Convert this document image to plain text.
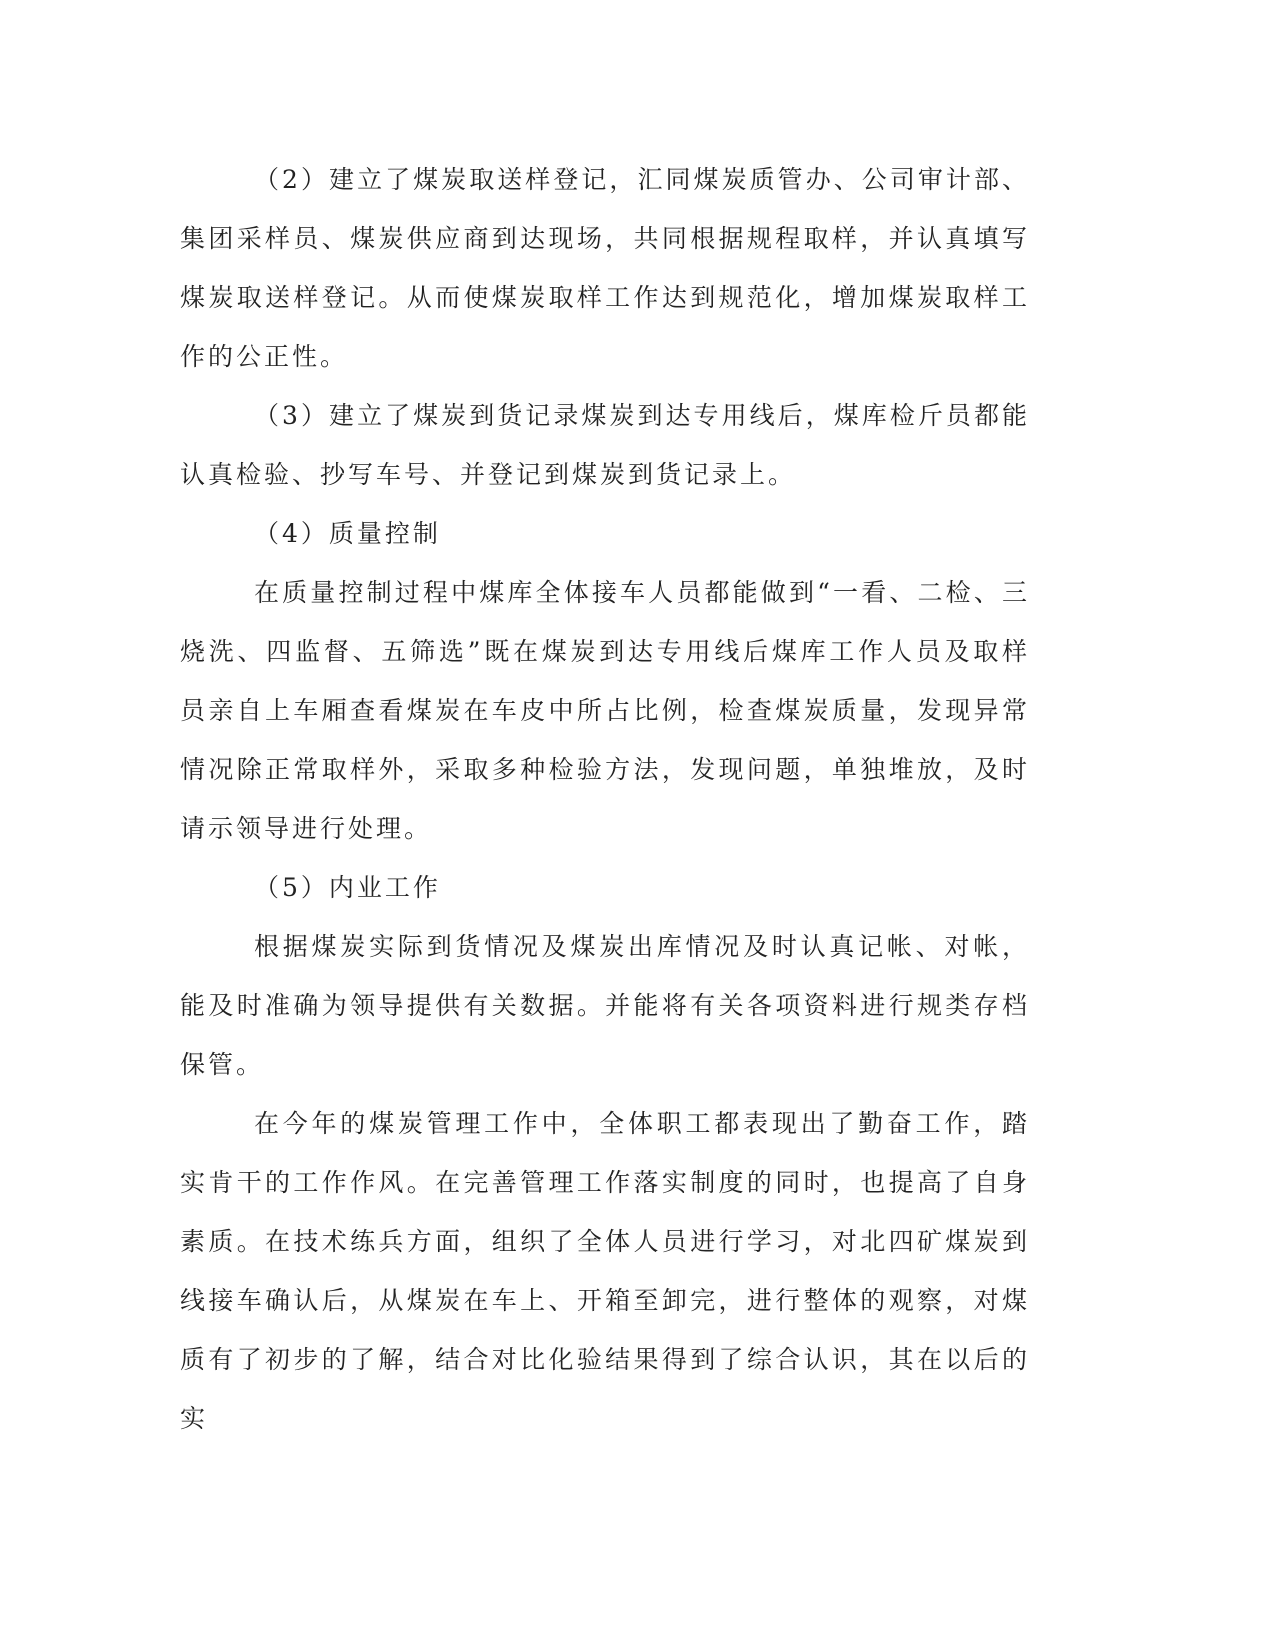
（2）建立了煤炭取送样登记，汇同煤炭质管办、公司审计部、集团采样员、煤炭供应商到达现场，共同根据规程取样，并认真填写煤炭取送样登记。从而使煤炭取样工作达到规范化，增加煤炭取样工作的公正性。

（3）建立了煤炭到货记录煤炭到达专用线后，煤库检斤员都能认真检验、抄写车号、并登记到煤炭到货记录上。

（4）质量控制

在质量控制过程中煤库全体接车人员都能做到“一看、二检、三烧洗、四监督、五筛选”既在煤炭到达专用线后煤库工作人员及取样员亲自上车厢查看煤炭在车皮中所占比例，检查煤炭质量，发现异常情况除正常取样外，采取多种检验方法，发现问题，单独堆放，及时请示领导进行处理。

（5）内业工作

根据煤炭实际到货情况及煤炭出库情况及时认真记帐、对帐，能及时准确为领导提供有关数据。并能将有关各项资料进行规类存档保管。

在今年的煤炭管理工作中，全体职工都表现出了勤奋工作，踏实肯干的工作作风。在完善管理工作落实制度的同时，也提高了自身素质。在技术练兵方面，组织了全体人员进行学习，对北四矿煤炭到线接车确认后，从煤炭在车上、开箱至卸完，进行整体的观察，对煤质有了初步的了解，结合对比化验结果得到了综合认识，其在以后的实
